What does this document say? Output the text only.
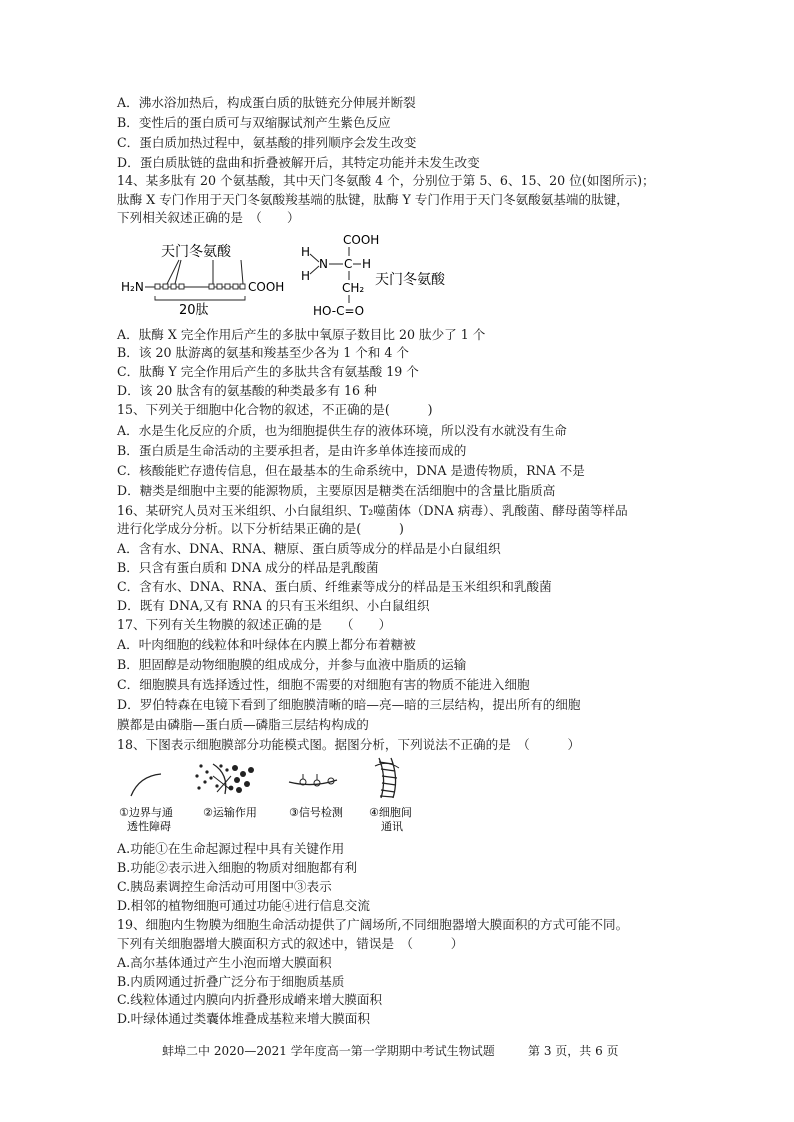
A．沸水浴加热后，构成蛋白质的肽链充分伸展并断裂
B．变性后的蛋白质可与双缩脲试剂产生紫色反应
C．蛋白质加热过程中，氨基酸的排列顺序会发生改变
D．蛋白质肽链的盘曲和折叠被解开后，其特定功能并未发生改变
14、某多肽有 20 个氨基酸，其中天门冬氨酸 4 个，分别位于第 5、6、15、20 位(如图所示)；
肽酶 X 专门作用于天门冬氨酸羧基端的肽键，肽酶 Y 专门作用于天门冬氨酸氨基端的肽键，
下列相关叙述正确的是　（　　）
天门冬氨酸
H₂N	COOH
20肽
COOH
H
N
H
C H
CH₂
HO-C=O
天门冬氨酸
A．肽酶 X 完全作用后产生的多肽中氧原子数目比 20 肽少了 1 个
B．该 20 肽游离的氨基和羧基至少各为 1 个和 4 个
C．肽酶 Y 完全作用后产生的多肽共含有氨基酸 19 个
D．该 20 肽含有的氨基酸的种类最多有 16 种
15、下列关于细胞中化合物的叙述，不正确的是(　　　)
A．水是生化反应的介质，也为细胞提供生存的液体环境，所以没有水就没有生命
B．蛋白质是生命活动的主要承担者，是由许多单体连接而成的
C．核酸能贮存遗传信息，但在最基本的生命系统中，DNA 是遗传物质，RNA 不是
D．糖类是细胞中主要的能源物质，主要原因是糖类在活细胞中的含量比脂质高
16、某研究人员对玉米组织、小白鼠组织、T₂噬菌体（DNA 病毒）、乳酸菌、酵母菌等样品
进行化学成分分析。以下分析结果正确的是(　　　)
A．含有水、DNA、RNA、糖原、蛋白质等成分的样品是小白鼠组织
B．只含有蛋白质和 DNA 成分的样品是乳酸菌
C．含有水、DNA、RNA、蛋白质、纤维素等成分的样品是玉米组织和乳酸菌
D．既有 DNA,又有 RNA 的只有玉米组织、小白鼠组织
17、下列有关生物膜的叙述正确的是　　（　　）
A．叶肉细胞的线粒体和叶绿体在内膜上都分布着糖被
B．胆固醇是动物细胞膜的组成成分，并参与血液中脂质的运输
C．细胞膜具有选择透过性，细胞不需要的对细胞有害的物质不能进入细胞
D．罗伯特森在电镜下看到了细胞膜清晰的暗—亮—暗的三层结构，提出所有的细胞
膜都是由磷脂—蛋白质—磷脂三层结构构成的
18、下图表示细胞膜部分功能模式图。据图分析，下列说法不正确的是　（　　　）
①边界与通
透性障碍
②运输作用	③信号检测 ④细胞间
通讯
A.功能①在生命起源过程中具有关键作用
B.功能②表示进入细胞的物质对细胞都有利
C.胰岛素调控生命活动可用图中③表示
D.相邻的植物细胞可通过功能④进行信息交流
19、细胞内生物膜为细胞生命活动提供了广阔场所,不同细胞器增大膜面积的方式可能不同。
下列有关细胞器增大膜面积方式的叙述中，错误是　（　　　）
A.高尔基体通过产生小泡而增大膜面积
B.内质网通过折叠广泛分布于细胞质基质
C.线粒体通过内膜向内折叠形成嵴来增大膜面积
D.叶绿体通过类囊体堆叠成基粒来增大膜面积
蚌埠二中 2020—2021 学年度高一第一学期期中考试生物试题	第 3 页，共 6 页
